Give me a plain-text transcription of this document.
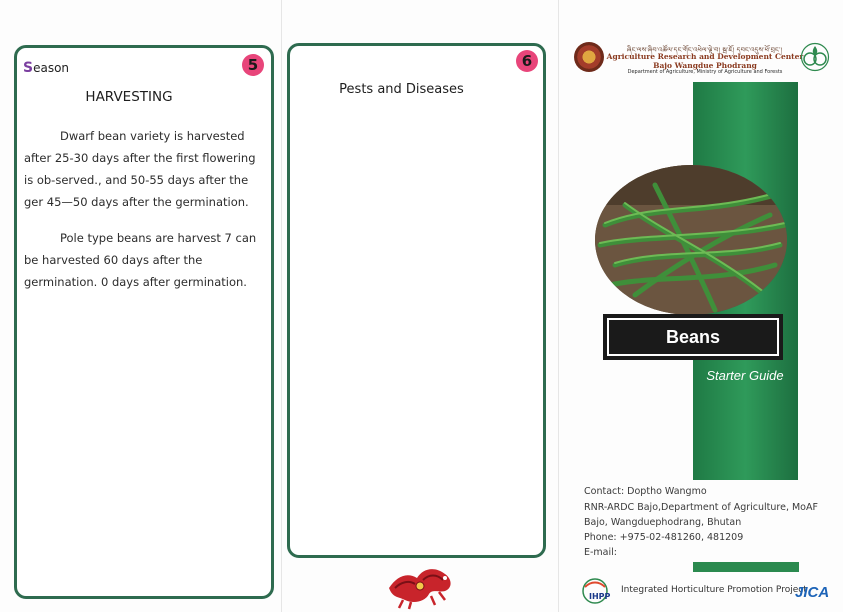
Season	5
HARVESTING
Dwarf bean variety is harvested after 25-30 days after the first flowering is ob-served., and 50-55 days after the ger 45—50 days after the germination.
Pole type beans are harvest 7 can be harvested 60 days after the germination. 0 days after germination.
6
Pests and Diseases
ཞིང་ལས་ཞིབ་འཚོལ་དང་གོང་འཕེལ་ལྟེ་བ། སྦ་ཇོ། དབང་འདུས་ཕོ་བྲང་།
Agriculture Research and Development Center
Bajo Wangdue Phodrang
Department of Agriculture, Ministry of Agriculture and Forests
Beans
Starter Guide
Contact: Doptho Wangmo
RNR-ARDC Bajo,Department of Agriculture, MoAF
Bajo, Wangduephodrang, Bhutan
Phone: +975-02-481260, 481209
E-mail:
IHPP
Integrated Horticulture Promotion Project
JICA
